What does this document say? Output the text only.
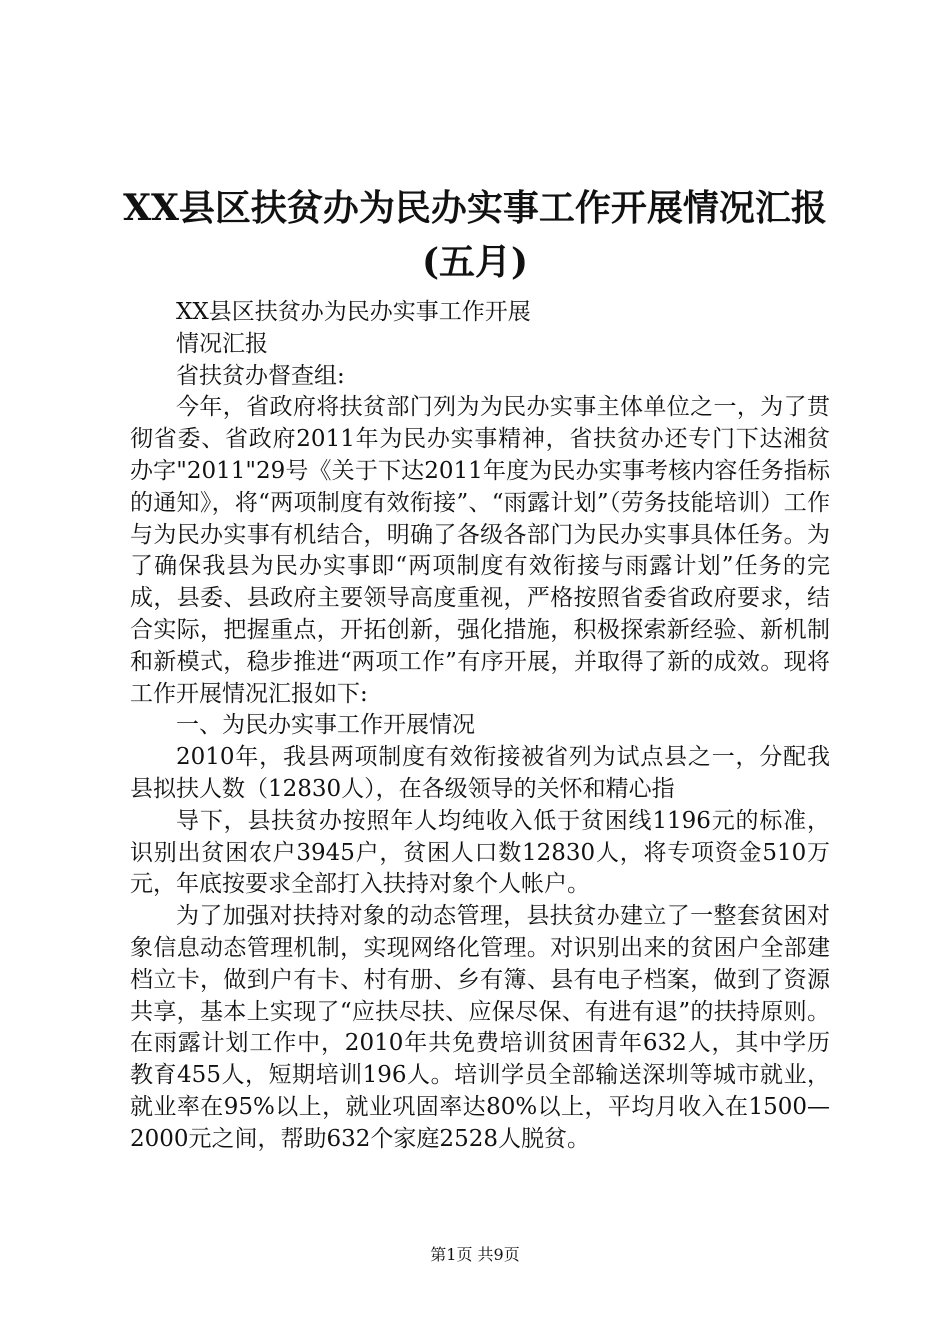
XX县区扶贫办为民办实事工作开展情况汇报
(五月)

XX县区扶贫办为民办实事工作开展

情况汇报

省扶贫办督查组:

今年，省政府将扶贫部门列为为民办实事主体单位之一，为了贯彻省委、省政府2011年为民办实事精神，省扶贫办还专门下达湘贫办字"2011"29号《关于下达2011年度为民办实事考核内容任务指标的通知》，将“两项制度有效衔接”、“雨露计划”（劳务技能培训）工作与为民办实事有机结合，明确了各级各部门为民办实事具体任务。为了确保我县为民办实事即“两项制度有效衔接与雨露计划”任务的完成，县委、县政府主要领导高度重视，严格按照省委省政府要求，结合实际，把握重点，开拓创新，强化措施，积极探索新经验、新机制和新模式，稳步推进“两项工作”有序开展，并取得了新的成效。现将工作开展情况汇报如下:

一、为民办实事工作开展情况

2010年，我县两项制度有效衔接被省列为试点县之一，分配我县拟扶人数（12830人），在各级领导的关怀和精心指

导下，县扶贫办按照年人均纯收入低于贫困线1196元的标准，识别出贫困农户3945户，贫困人口数12830人，将专项资金510万元，年底按要求全部打入扶持对象个人帐户。

为了加强对扶持对象的动态管理，县扶贫办建立了一整套贫困对象信息动态管理机制，实现网络化管理。对识别出来的贫困户全部建档立卡，做到户有卡、村有册、乡有簿、县有电子档案，做到了资源共享，基本上实现了“应扶尽扶、应保尽保、有进有退”的扶持原则。在雨露计划工作中，2010年共免费培训贫困青年632人，其中学历教育455人，短期培训196人。培训学员全部输送深圳等城市就业，就业率在95%以上，就业巩固率达80%以上，平均月收入在1500—2000元之间，帮助632个家庭2528人脱贫。

第1页 共9页
